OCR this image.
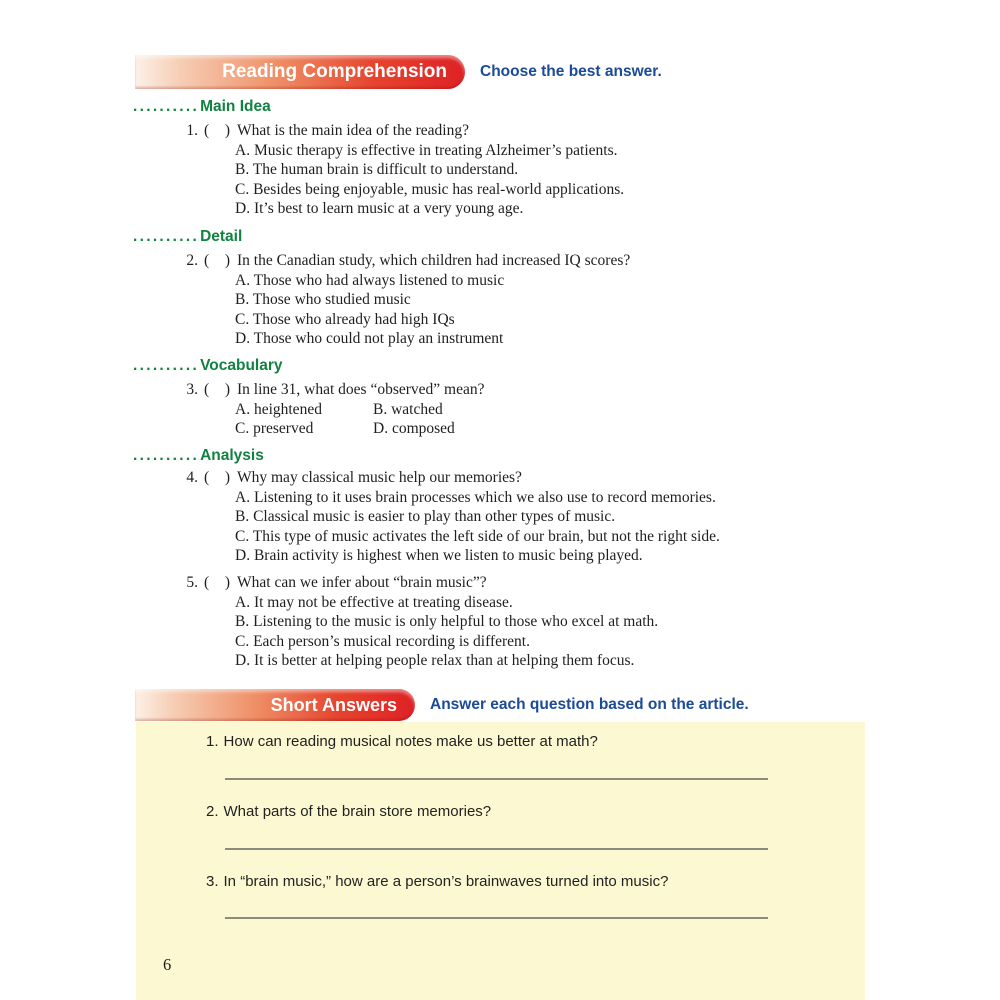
Reading Comprehension Choose the best answer.
..........Main Idea
..........Detail
..........Vocabulary
..........Analysis
1. ( ) What is the main idea of the reading?
A. Music therapy is effective in treating Alzheimer’s patients.
B. The human brain is difficult to understand.
C. Besides being enjoyable, music has real-world applications.
D. It’s best to learn music at a very young age.
2. ( ) In the Canadian study, which children had increased IQ scores?
A. Those who had always listened to music
B. Those who studied music
C. Those who already had high IQs
D. Those who could not play an instrument
3. ( ) In line 31, what does “observed” mean?
A. heightened	B. watched
C. preserved	D. composed
4. ( ) Why may classical music help our memories?
A. Listening to it uses brain processes which we also use to record memories.
B. Classical music is easier to play than other types of music.
C. This type of music activates the left side of our brain, but not the right side.
D. Brain activity is highest when we listen to music being played.
5. ( ) What can we infer about “brain music”?
A. It may not be effective at treating disease.
B. Listening to the music is only helpful to those who excel at math.
C. Each person’s musical recording is different.
D. It is better at helping people relax than at helping them focus.
Short Answers Answer each question based on the article.
1. How can reading musical notes make us better at math?
2. What parts of the brain store memories?
3. In “brain music,” how are a person’s brainwaves turned into music?
6
